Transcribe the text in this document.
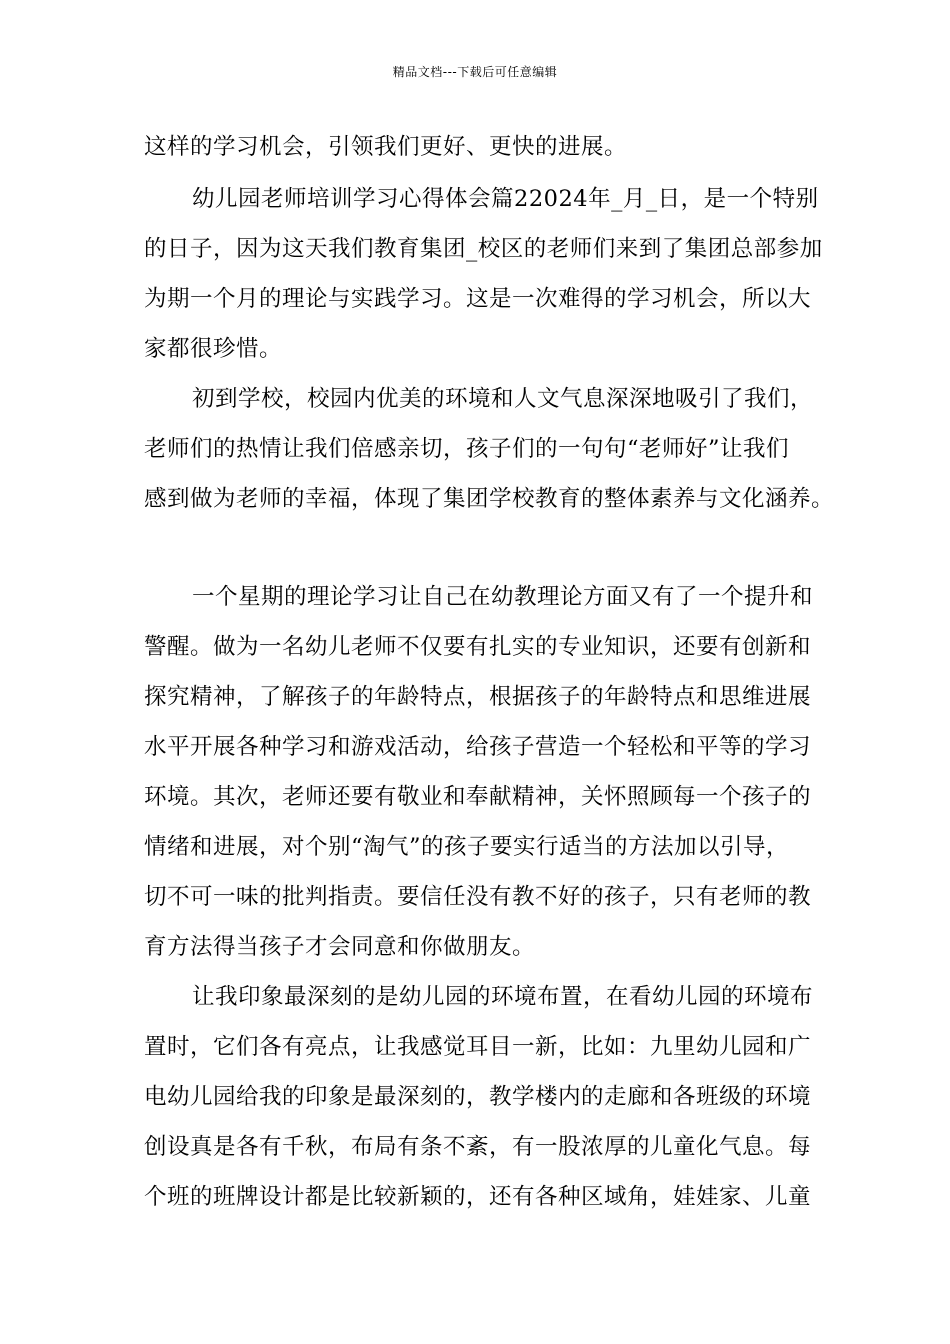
精品文档---下载后可任意编辑
这样的学习机会，引领我们更好、更快的进展。
幼儿园老师培训学习心得体会篇22024年_月_日，是一个特别
的日子，因为这天我们教育集团_校区的老师们来到了集团总部参加
为期一个月的理论与实践学习。这是一次难得的学习机会，所以大
家都很珍惜。
初到学校，校园内优美的环境和人文气息深深地吸引了我们，
老师们的热情让我们倍感亲切，孩子们的一句句“老师好”让我们
感到做为老师的幸福，体现了集团学校教育的整体素养与文化涵养。
一个星期的理论学习让自己在幼教理论方面又有了一个提升和
警醒。做为一名幼儿老师不仅要有扎实的专业知识，还要有创新和
探究精神，了解孩子的年龄特点，根据孩子的年龄特点和思维进展
水平开展各种学习和游戏活动，给孩子营造一个轻松和平等的学习
环境。其次，老师还要有敬业和奉献精神，关怀照顾每一个孩子的
情绪和进展，对个别“淘气”的孩子要实行适当的方法加以引导，
切不可一味的批判指责。要信任没有教不好的孩子，只有老师的教
育方法得当孩子才会同意和你做朋友。
让我印象最深刻的是幼儿园的环境布置，在看幼儿园的环境布
置时，它们各有亮点，让我感觉耳目一新，比如：九里幼儿园和广
电幼儿园给我的印象是最深刻的，教学楼内的走廊和各班级的环境
创设真是各有千秋，布局有条不紊，有一股浓厚的儿童化气息。每
个班的班牌设计都是比较新颖的，还有各种区域角，娃娃家、儿童
